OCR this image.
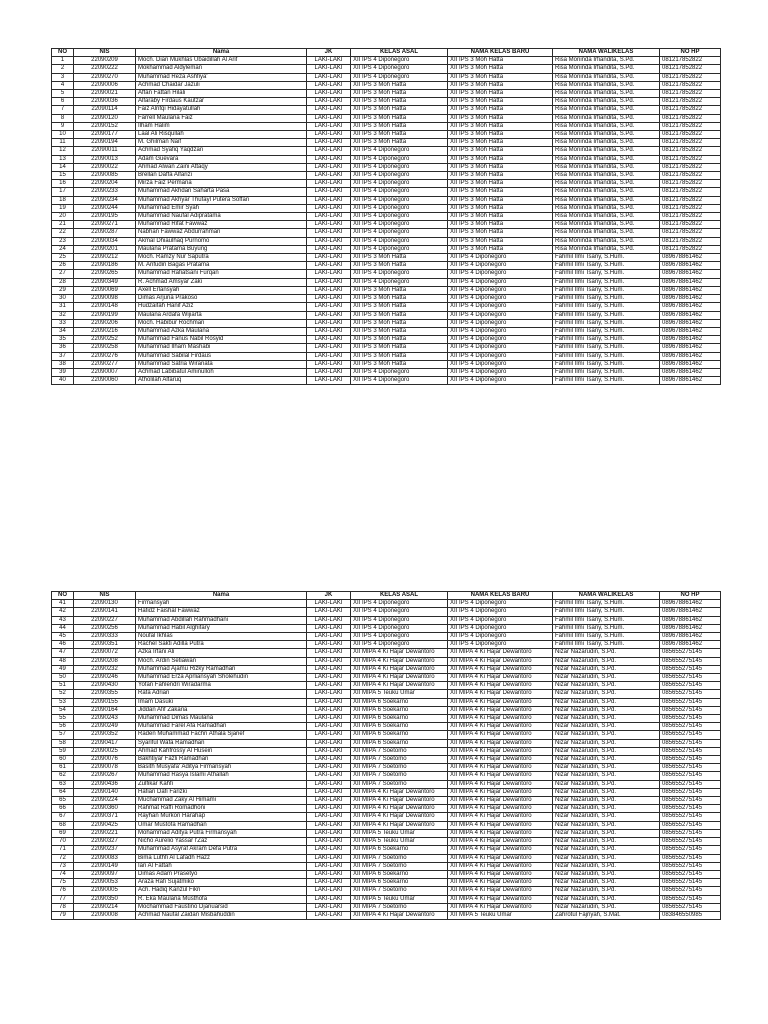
NO	NIS	Nama	JK	KELAS ASAL	NAMA KELAS BARU	NAMA WALIKELAS	NO HP
1	22090209	Moch. Dian Mukhlas Ubaidillah Al Arif	LAKI-LAKI	XII IPS 4 Diponegoro	XII IPS 3 Moh Hatta	Risa Moninda Irfiandita, S.Pd.	081217852822
2	22090222	Mokhammad Aldyleman	LAKI-LAKI	XII IPS 4 Diponegoro	XII IPS 3 Moh Hatta	Risa Moninda Irfiandita, S.Pd.	081217852822
3	22090270	Muhammad Reza Ashfiya'	LAKI-LAKI	XII IPS 4 Diponegoro	XII IPS 3 Moh Hatta	Risa Moninda Irfiandita, S.Pd.	081217852822
4	22090006	Achmad Chaidar Jazuli	LAKI-LAKI	XII IPS 3 Moh Hatta	XII IPS 3 Moh Hatta	Risa Moninda Irfiandita, S.Pd.	081217852822
5	22090021	Affan Fattan Hilali	LAKI-LAKI	XII IPS 3 Moh Hatta	XII IPS 3 Moh Hatta	Risa Moninda Irfiandita, S.Pd.	081217852822
6	22090036	Alfaraby Firdaus Kautzar	LAKI-LAKI	XII IPS 3 Moh Hatta	XII IPS 3 Moh Hatta	Risa Moninda Irfiandita, S.Pd.	081217852822
7	22090114	Faiz Alrifqi Hidayatullah	LAKI-LAKI	XII IPS 3 Moh Hatta	XII IPS 3 Moh Hatta	Risa Moninda Irfiandita, S.Pd.	081217852822
8	22090120	Farrell Maulana Faiz	LAKI-LAKI	XII IPS 3 Moh Hatta	XII IPS 3 Moh Hatta	Risa Moninda Irfiandita, S.Pd.	081217852822
9	22090152	Ilham Halim	LAKI-LAKI	XII IPS 3 Moh Hatta	XII IPS 3 Moh Hatta	Risa Moninda Irfiandita, S.Pd.	081217852822
10	22090177	Laal Ali Risqullah	LAKI-LAKI	XII IPS 3 Moh Hatta	XII IPS 3 Moh Hatta	Risa Moninda Irfiandita, S.Pd.	081217852822
11	22090194	M. Ghilman Naif	LAKI-LAKI	XII IPS 3 Moh Hatta	XII IPS 3 Moh Hatta	Risa Moninda Irfiandita, S.Pd.	081217852822
12	22090011	Achmad Syafiq Yaqdzan	LAKI-LAKI	XII IPS 4 Diponegoro	XII IPS 3 Moh Hatta	Risa Moninda Irfiandita, S.Pd.	081217852822
13	22090013	Adam Guevara	LAKI-LAKI	XII IPS 4 Diponegoro	XII IPS 3 Moh Hatta	Risa Moninda Irfiandita, S.Pd.	081217852822
14	22090022	Ahmad Alwan Zaini Attaqy	LAKI-LAKI	XII IPS 4 Diponegoro	XII IPS 3 Moh Hatta	Risa Moninda Irfiandita, S.Pd.	081217852822
15	22090085	Brellan Daffa Alfarizi	LAKI-LAKI	XII IPS 4 Diponegoro	XII IPS 3 Moh Hatta	Risa Moninda Irfiandita, S.Pd.	081217852822
16	22090204	Mirza Faiz Permana	LAKI-LAKI	XII IPS 4 Diponegoro	XII IPS 3 Moh Hatta	Risa Moninda Irfiandita, S.Pd.	081217852822
17	22090233	Muhammad Akhdan Saharta Pasa	LAKI-LAKI	XII IPS 4 Diponegoro	XII IPS 3 Moh Hatta	Risa Moninda Irfiandita, S.Pd.	081217852822
18	22090234	Muhammad Akhyar Thufayl Putera Soffan	LAKI-LAKI	XII IPS 4 Diponegoro	XII IPS 3 Moh Hatta	Risa Moninda Irfiandita, S.Pd.	081217852822
19	22090244	Muhammad Emir Syah	LAKI-LAKI	XII IPS 4 Diponegoro	XII IPS 3 Moh Hatta	Risa Moninda Irfiandita, S.Pd.	081217852822
20	22090195	Muhammad Naufal Adipratama	LAKI-LAKI	XII IPS 4 Diponegoro	XII IPS 3 Moh Hatta	Risa Moninda Irfiandita, S.Pd.	081217852822
21	22090271	Muhammad Rifat Fawwaz	LAKI-LAKI	XII IPS 4 Diponegoro	XII IPS 3 Moh Hatta	Risa Moninda Irfiandita, S.Pd.	081217852822
22	22090287	Nabhan Fawwaz Abdurrahman	LAKI-LAKI	XII IPS 4 Diponegoro	XII IPS 3 Moh Hatta	Risa Moninda Irfiandita, S.Pd.	081217852822
23	22090034	Akmal Dhiaulhaq Purnomo	LAKI-LAKI	XII IPS 4 Diponegoro	XII IPS 3 Moh Hatta	Risa Moninda Irfiandita, S.Pd.	081217852822
24	22090201	Maulana Pratama Buyung	LAKI-LAKI	XII IPS 4 Diponegoro	XII IPS 3 Moh Hatta	Risa Moninda Irfiandita, S.Pd.	081217852822
25	22090212	Moch. Ramzy Nur Saputra	LAKI-LAKI	XII IPS 3 Moh Hatta	XII IPS 4 Diponegoro	Fahmil Ilmi Tsany, S.Hum.	089678861462
26	22090186	M. Arifudin Bagas Pratama	LAKI-LAKI	XII IPS 3 Moh Hatta	XII IPS 4 Diponegoro	Fahmil Ilmi Tsany, S.Hum.	089678861462
27	22090265	Muhammad Rafiatsani Furqan	LAKI-LAKI	XII IPS 4 Diponegoro	XII IPS 4 Diponegoro	Fahmil Ilmi Tsany, S.Hum.	089678861462
28	22090349	R. Achmad Amsyar Zaki	LAKI-LAKI	XII IPS 4 Diponegoro	XII IPS 4 Diponegoro	Fahmil Ilmi Tsany, S.Hum.	089678861462
29	22090069	Axell Erlansyah	LAKI-LAKI	XII IPS 3 Moh Hatta	XII IPS 4 Diponegoro	Fahmil Ilmi Tsany, S.Hum.	089678861462
30	22090098	Dimas Arjuna Prakoso	LAKI-LAKI	XII IPS 3 Moh Hatta	XII IPS 4 Diponegoro	Fahmil Ilmi Tsany, S.Hum.	089678861462
31	22090148	Hudzaifah Hanif Aziz	LAKI-LAKI	XII IPS 3 Moh Hatta	XII IPS 4 Diponegoro	Fahmil Ilmi Tsany, S.Hum.	089678861462
32	22090199	Maulana Ardafa Wijiarta	LAKI-LAKI	XII IPS 3 Moh Hatta	XII IPS 4 Diponegoro	Fahmil Ilmi Tsany, S.Hum.	089678861462
33	22090206	Moch. Habibur Rochman	LAKI-LAKI	XII IPS 3 Moh Hatta	XII IPS 4 Diponegoro	Fahmil Ilmi Tsany, S.Hum.	089678861462
34	22090216	Muhammad Azka Maulana	LAKI-LAKI	XII IPS 3 Moh Hatta	XII IPS 4 Diponegoro	Fahmil Ilmi Tsany, S.Hum.	089678861462
35	22090252	Muhammad Fanus Nabil Rosyid	LAKI-LAKI	XII IPS 3 Moh Hatta	XII IPS 4 Diponegoro	Fahmil Ilmi Tsany, S.Hum.	089678861462
36	22090258	Muhammad Ilham Mashabi	LAKI-LAKI	XII IPS 3 Moh Hatta	XII IPS 4 Diponegoro	Fahmil Ilmi Tsany, S.Hum.	089678861462
37	22090276	Muhammad Sabilal Firdaus	LAKI-LAKI	XII IPS 3 Moh Hatta	XII IPS 4 Diponegoro	Fahmil Ilmi Tsany, S.Hum.	089678861462
38	22090277	Muhammad Satria Wiranata	LAKI-LAKI	XII IPS 3 Moh Hatta	XII IPS 4 Diponegoro	Fahmil Ilmi Tsany, S.Hum.	089678861462
39	22090007	Achmad Labibatul Aminulloh	LAKI-LAKI	XII IPS 4 Diponegoro	XII IPS 4 Diponegoro	Fahmil Ilmi Tsany, S.Hum.	089678861462
40	22090060	Atholilah Alfaruq	LAKI-LAKI	XII IPS 4 Diponegoro	XII IPS 4 Diponegoro	Fahmil Ilmi Tsany, S.Hum.	089678861462
NO	NIS	Nama	JK	KELAS ASAL	NAMA KELAS BARU	NAMA WALIKELAS	NO HP
41	22090130	Firmansyah	LAKI-LAKI	XII IPS 4 Diponegoro	XII IPS 4 Diponegoro	Fahmil Ilmi Tsany, S.Hum.	089678861462
42	22090141	Hafidz Faishal Fawwaz	LAKI-LAKI	XII IPS 4 Diponegoro	XII IPS 4 Diponegoro	Fahmil Ilmi Tsany, S.Hum.	089678861462
43	22090227	Muhammad Abdillah Rahmadhani	LAKI-LAKI	XII IPS 4 Diponegoro	XII IPS 4 Diponegoro	Fahmil Ilmi Tsany, S.Hum.	089678861462
44	22090256	Muhammad Habil Alghifary	LAKI-LAKI	XII IPS 4 Diponegoro	XII IPS 4 Diponegoro	Fahmil Ilmi Tsany, S.Hum.	089678861462
45	22090333	Noufal Ikhlas	LAKI-LAKI	XII IPS 4 Diponegoro	XII IPS 4 Diponegoro	Fahmil Ilmi Tsany, S.Hum.	089678861462
46	22090351	Rachel Sakti Adilla Putra	LAKI-LAKI	XII IPS 4 Diponegoro	XII IPS 4 Diponegoro	Fahmil Ilmi Tsany, S.Hum.	089678861462
47	22090072	Azka Irfani Ali	LAKI-LAKI	XII MIPA 4 Ki Hajar Dewantoro	XII MIPA 4 Ki Hajar Dewantoro	Nizar Nazarudin, S.Pd.	085655275145
48	22090208	Moch. Ardin Setiawan	LAKI-LAKI	XII MIPA 4 Ki Hajar Dewantoro	XII MIPA 4 Ki Hajar Dewantoro	Nizar Nazarudin, S.Pd.	085655275145
49	22090232	Muhammad Ajamu Rizky Ramadhan	LAKI-LAKI	XII MIPA 4 Ki Hajar Dewantoro	XII MIPA 4 Ki Hajar Dewantoro	Nizar Nazarudin, S.Pd.	085655275145
50	22090246	Muhammad Erza Aprliansyah Sholehudin	LAKI-LAKI	XII MIPA 4 Ki Hajar Dewantoro	XII MIPA 4 Ki Hajar Dewantoro	Nizar Nazarudin, S.Pd.	085655275145
51	22090430	Yofan Fahlendri Wiradarma	LAKI-LAKI	XII MIPA 4 Ki Hajar Dewantoro	XII MIPA 4 Ki Hajar Dewantoro	Nizar Nazarudin, S.Pd.	085655275145
52	22090355	Rafa Adrian	LAKI-LAKI	XII MIPA 5 Teuku Umar	XII MIPA 4 Ki Hajar Dewantoro	Nizar Nazarudin, S.Pd.	085655275145
53	22090155	Imam Dasuki	LAKI-LAKI	XII MIPA 6 Soekarno	XII MIPA 4 Ki Hajar Dewantoro	Nizar Nazarudin, S.Pd.	085655275145
54	22090164	Jiddan Afif Zakaria	LAKI-LAKI	XII MIPA 6 Soekarno	XII MIPA 4 Ki Hajar Dewantoro	Nizar Nazarudin, S.Pd.	085655275145
55	22090243	Muhammad Dimas Maulana	LAKI-LAKI	XII MIPA 6 Soekarno	XII MIPA 4 Ki Hajar Dewantoro	Nizar Nazarudin, S.Pd.	085655275145
56	22090249	Muhammad Farel Afa Ramadhan	LAKI-LAKI	XII MIPA 6 Soekarno	XII MIPA 4 Ki Hajar Dewantoro	Nizar Nazarudin, S.Pd.	085655275145
57	22090352	Raden Muhammad Fachri Athala Sjarief	LAKI-LAKI	XII MIPA 6 Soekarno	XII MIPA 4 Ki Hajar Dewantoro	Nizar Nazarudin, S.Pd.	085655275145
58	22090417	Syariful Wafa Ramadhan	LAKI-LAKI	XII MIPA 6 Soekarno	XII MIPA 4 Ki Hajar Dewantoro	Nizar Nazarudin, S.Pd.	085655275145
59	22090025	Ahmad Kahfrossy Al Husein	LAKI-LAKI	XII MIPA 7 Soetomo	XII MIPA 4 Ki Hajar Dewantoro	Nizar Nazarudin, S.Pd.	085655275145
60	22090076	Bakhtiyar Fazli Ramadhan	LAKI-LAKI	XII MIPA 7 Soetomo	XII MIPA 4 Ki Hajar Dewantoro	Nizar Nazarudin, S.Pd.	085655275145
61	22090078	Basith Musyafa' Aditya Firmansyah	LAKI-LAKI	XII MIPA 7 Soetomo	XII MIPA 4 Ki Hajar Dewantoro	Nizar Nazarudin, S.Pd.	085655275145
62	22090267	Muhammad Rasya Islami Athallah	LAKI-LAKI	XII MIPA 7 Soetomo	XII MIPA 4 Ki Hajar Dewantoro	Nizar Nazarudin, S.Pd.	085655275145
63	22090436	Zulfikar Kahfi	LAKI-LAKI	XII MIPA 7 Soetomo	XII MIPA 4 Ki Hajar Dewantoro	Nizar Nazarudin, S.Pd.	085655275145
64	22090140	Hafian Dafi Farizki	LAKI-LAKI	XII MIPA 4 Ki Hajar Dewantoro	XII MIPA 4 Ki Hajar Dewantoro	Nizar Nazarudin, S.Pd.	085655275145
65	22090224	Muchammad Zaky Al Himami	LAKI-LAKI	XII MIPA 4 Ki Hajar Dewantoro	XII MIPA 4 Ki Hajar Dewantoro	Nizar Nazarudin, S.Pd.	085655275145
66	22090360	Rahmat Raffi Romadhoni	LAKI-LAKI	XII MIPA 4 Ki Hajar Dewantoro	XII MIPA 4 Ki Hajar Dewantoro	Nizar Nazarudin, S.Pd.	085655275145
67	22090371	Rayhan Murkon Harahap	LAKI-LAKI	XII MIPA 4 Ki Hajar Dewantoro	XII MIPA 4 Ki Hajar Dewantoro	Nizar Nazarudin, S.Pd.	085655275145
68	22090425	Umar Mustofa Ramadhan	LAKI-LAKI	XII MIPA 4 Ki Hajar Dewantoro	XII MIPA 4 Ki Hajar Dewantoro	Nizar Nazarudin, S.Pd.	085655275145
69	22090221	Mohammad Aditya Putra Firmansyah	LAKI-LAKI	XII MIPA 5 Teuku Umar	XII MIPA 4 Ki Hajar Dewantoro	Nizar Nazarudin, S.Pd.	085655275145
70	22090327	Nicho Aurelio Yassar l'Zaz	LAKI-LAKI	XII MIPA 5 Teuku Umar	XII MIPA 4 Ki Hajar Dewantoro	Nizar Nazarudin, S.Pd.	085655275145
71	22090237	Muhammad Asyraf Akram Defa Putra	LAKI-LAKI	XII MIPA 6 Soekarno	XII MIPA 4 Ki Hajar Dewantoro	Nizar Nazarudin, S.Pd.	085655275145
72	22090083	Bima Luthfi Al Lafadh Hazz	LAKI-LAKI	XII MIPA 7 Soetomo	XII MIPA 4 Ki Hajar Dewantoro	Nizar Nazarudin, S.Pd.	085655275145
73	22090149	Ian Al Fattah	LAKI-LAKI	XII MIPA 7 Soetomo	XII MIPA 4 Ki Hajar Dewantoro	Nizar Nazarudin, S.Pd.	085655275145
74	22090097	Dimas Adam Prasetyo	LAKI-LAKI	XII MIPA 6 Soekarno	XII MIPA 4 Ki Hajar Dewantoro	Nizar Nazarudin, S.Pd.	085655275145
75	22090053	Araza Rafi Sujatmiko	LAKI-LAKI	XII MIPA 6 Soekarno	XII MIPA 4 Ki Hajar Dewantoro	Nizar Nazarudin, S.Pd.	085655275145
76	22090005	Ach. Hadiq Kanzul Fikri	LAKI-LAKI	XII MIPA 7 Soetomo	XII MIPA 4 Ki Hajar Dewantoro	Nizar Nazarudin, S.Pd.	085655275145
77	22090350	R. Eka Maulana Musthofa	LAKI-LAKI	XII MIPA 5 Teuku Umar	XII MIPA 4 Ki Hajar Dewantoro	Nizar Nazarudin, S.Pd.	085655275145
78	22090214	Mochammad Faustino Djanuarsid	LAKI-LAKI	XII MIPA 7 Soetomo	XII MIPA 4 Ki Hajar Dewantoro	Nizar Nazarudin, S.Pd.	085655275145
79	22090008	Achmad Naufal Zaidan Misbahuddin	LAKI-LAKI	XII MIPA 4 Ki Hajar Dewantoro	XII MIPA 5 Teuku Umar	Zahrotul Fajriyah, S.Mat.	083846550985
